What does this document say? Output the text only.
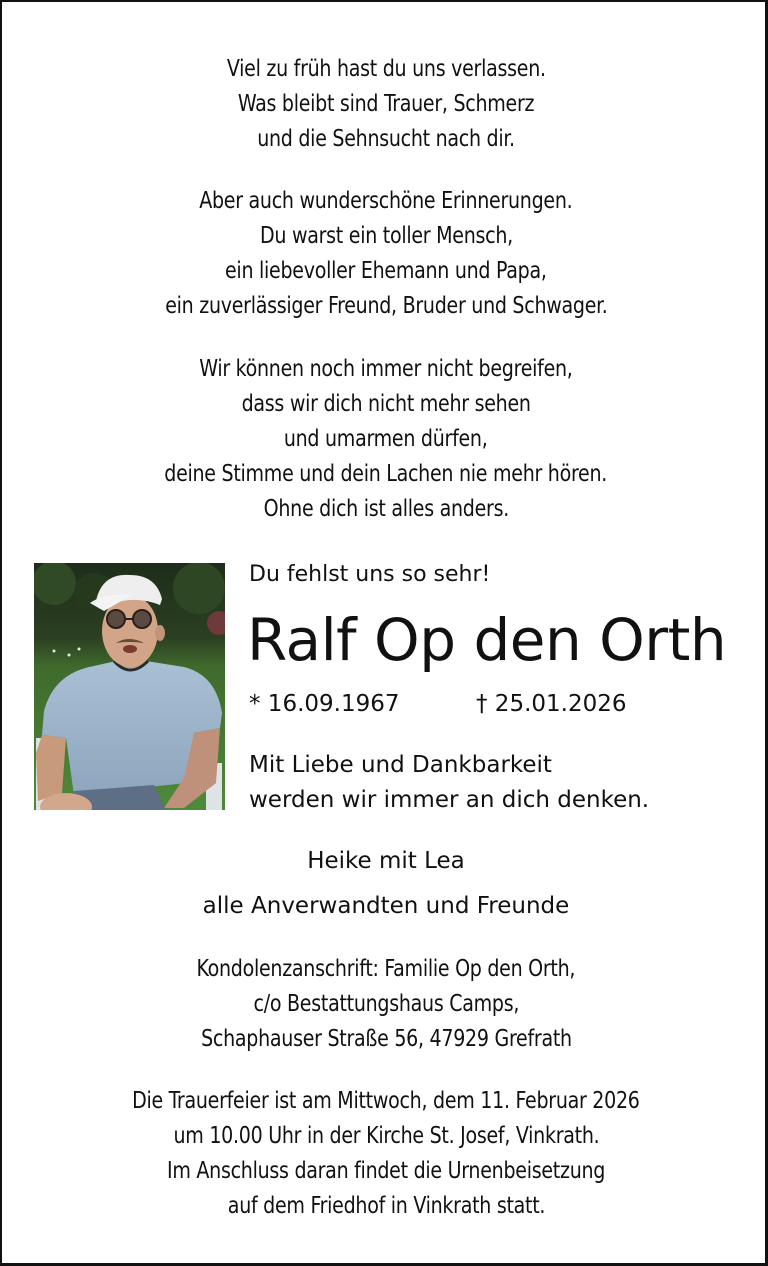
Viel zu früh hast du uns verlassen.
Was bleibt sind Trauer, Schmerz
und die Sehnsucht nach dir.
Aber auch wunderschöne Erinnerungen.
Du warst ein toller Mensch,
ein liebevoller Ehemann und Papa,
ein zuverlässiger Freund, Bruder und Schwager.
Wir können noch immer nicht begreifen,
dass wir dich nicht mehr sehen
und umarmen dürfen,
deine Stimme und dein Lachen nie mehr hören.
Ohne dich ist alles anders.
Du fehlst uns so sehr!
Ralf Op den Orth
* 16.09.1967	† 25.01.2026
Mit Liebe und Dankbarkeit
werden wir immer an dich denken.
Heike mit Lea
alle Anverwandten und Freunde
Kondolenzanschrift: Familie Op den Orth,
c/o Bestattungshaus Camps,
Schaphauser Straße 56, 47929 Grefrath
Die Trauerfeier ist am Mittwoch, dem 11. Februar 2026
um 10.00 Uhr in der Kirche St. Josef, Vinkrath.
Im Anschluss daran findet die Urnenbeisetzung
auf dem Friedhof in Vinkrath statt.
